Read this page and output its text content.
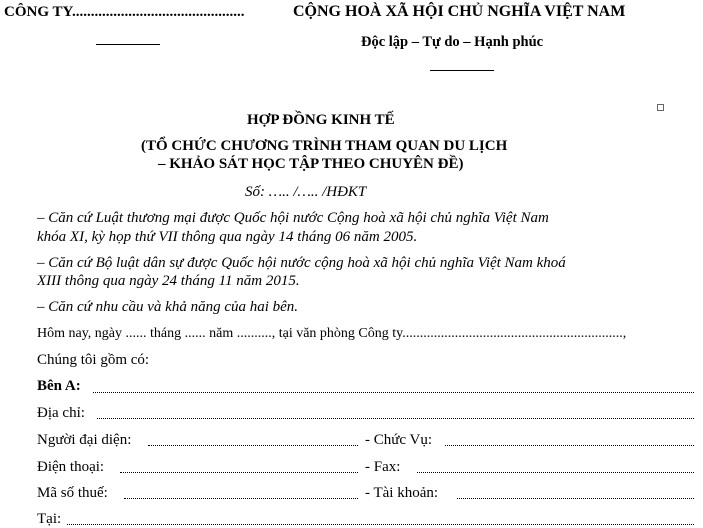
CÔNG TY..............................................	CỘNG HOÀ XÃ HỘI CHỦ NGHĨA VIỆT NAM
Độc lập – Tự do – Hạnh phúc
HỢP ĐỒNG KINH TẾ
(TỔ CHỨC CHƯƠNG TRÌNH THAM QUAN DU LỊCH
– KHẢO SÁT HỌC TẬP THEO CHUYÊN ĐỀ)
Số: ….. /….. /HĐKT
– Căn cứ Luật thương mại được Quốc hội nước Cộng hoà xã hội chủ nghĩa Việt Nam
khóa XI, kỳ họp thứ VII thông qua ngày 14 tháng 06 năm 2005.
– Căn cứ Bộ luật dân sự được Quốc hội nước cộng hoà xã hội chủ nghĩa Việt Nam khoá
XIII thông qua ngày 24 tháng 11 năm 2015.
– Căn cứ nhu cầu và khả năng của hai bên.
Hôm nay, ngày ...... tháng ...... năm .........., tại văn phòng Công ty...............................................................,
Chúng tôi gồm có:
Bên A:
Địa chỉ:
Người đại diện:	- Chức Vụ:
Điện thoại:	- Fax:
Mã số thuế:	- Tài khoản:
Tại:
